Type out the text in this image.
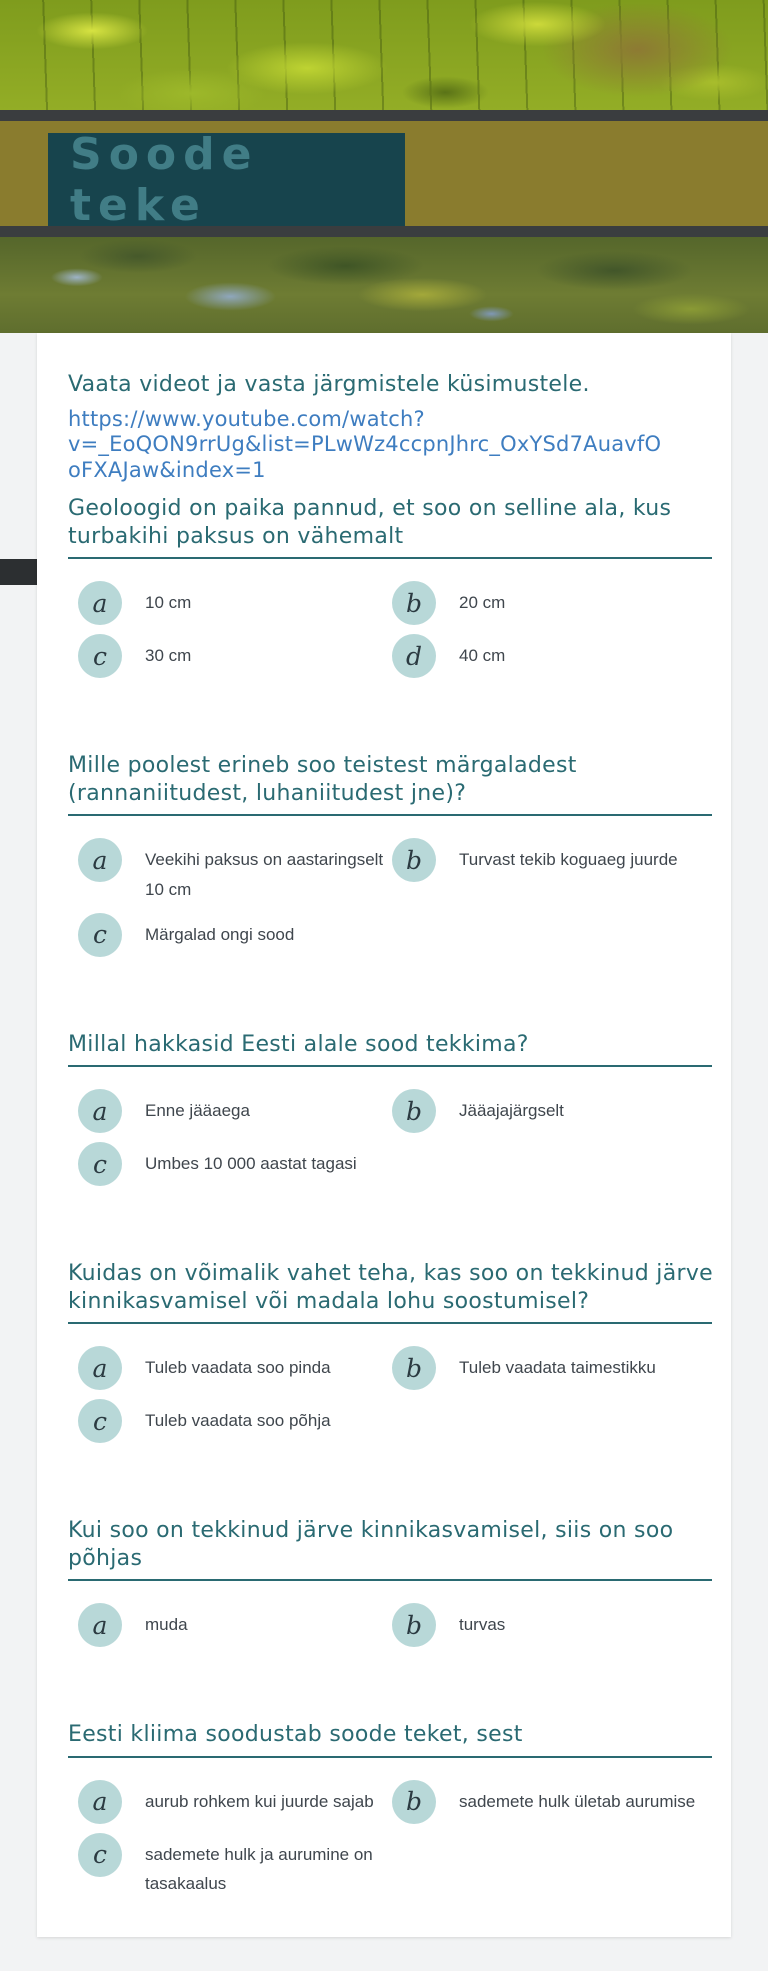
Soode teke

Vaata videot ja vasta järgmistele küsimustele.

https://www.youtube.com/watch?
v=_EoQON9rrUg&list=PLwWz4ccpnJhrc_OxYSd7AuavfO
oFXAJaw&index=1
Geoloogid on paika pannud, et soo on selline ala, kus turbakihi paksus on vähemalt
a	10 cm	b	20 cm
c	30 cm	d	40 cm
Mille poolest erineb soo teistest märgaladest (rannaniitudest, luhaniitudest jne)?
a	Veekihi paksus on aastaringselt 10 cm
b	Turvast tekib koguaeg juurde
c	Märgalad ongi sood
Millal hakkasid Eesti alale sood tekkima?
a	Enne jääaega	b	Jääajajärgselt
c	Umbes 10 000 aastat tagasi
Kuidas on võimalik vahet teha, kas soo on tekkinud järve kinnikasvamisel või madala lohu soostumisel?
a	Tuleb vaadata soo pinda	b	Tuleb vaadata taimestikku
c	Tuleb vaadata soo põhja
Kui soo on tekkinud järve kinnikasvamisel, siis on soo põhjas
a	muda	b	turvas
Eesti kliima soodustab soode teket, sest
a	aurub rohkem kui juurde sajab	b	sademete hulk ületab aurumise
c	sademete hulk ja aurumine on tasakaalus
